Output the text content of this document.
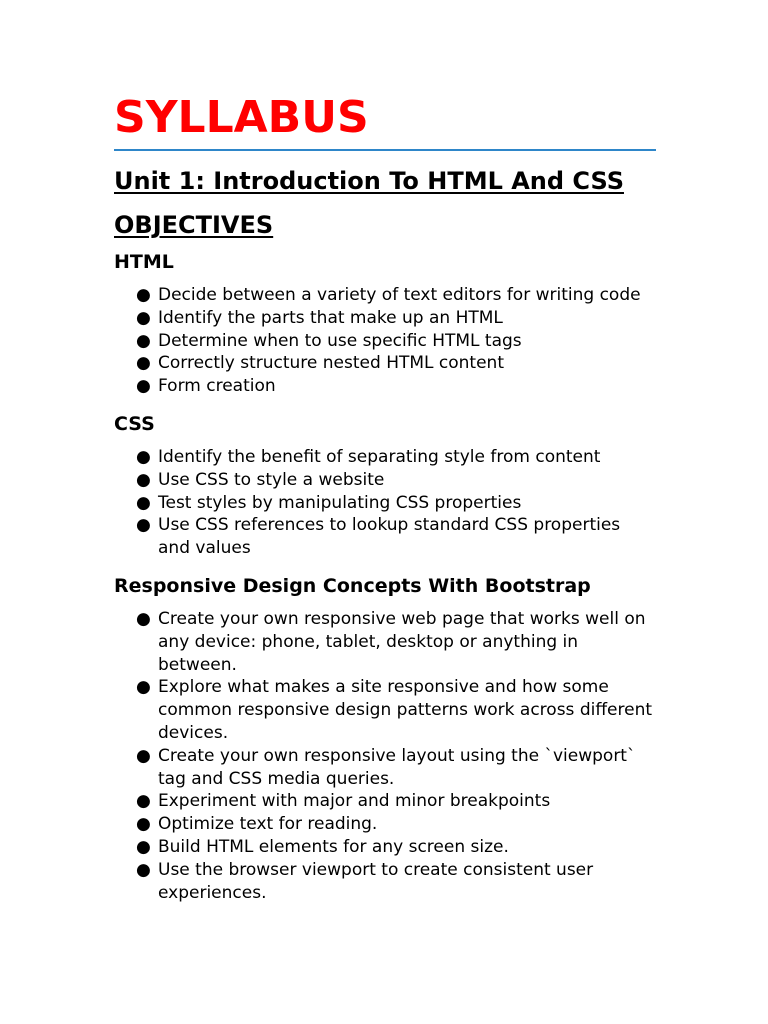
SYLLABUS
Unit 1: Introduction To HTML And CSS
OBJECTIVES
HTML
● Decide between a variety of text editors for writing code
● Identify the parts that make up an HTML
● Determine when to use specific HTML tags
● Correctly structure nested HTML content
● Form creation
CSS
● Identify the benefit of separating style from content
● Use CSS to style a website
● Test styles by manipulating CSS properties
● Use CSS references to lookup standard CSS properties and values
Responsive Design Concepts With Bootstrap
● Create your own responsive web page that works well on any device: phone, tablet, desktop or anything in between.
● Explore what makes a site responsive and how some common responsive design patterns work across different devices.
● Create your own responsive layout using the `viewport` tag and CSS media queries.
● Experiment with major and minor breakpoints
● Optimize text for reading.
● Build HTML elements for any screen size.
● Use the browser viewport to create consistent user experiences.
